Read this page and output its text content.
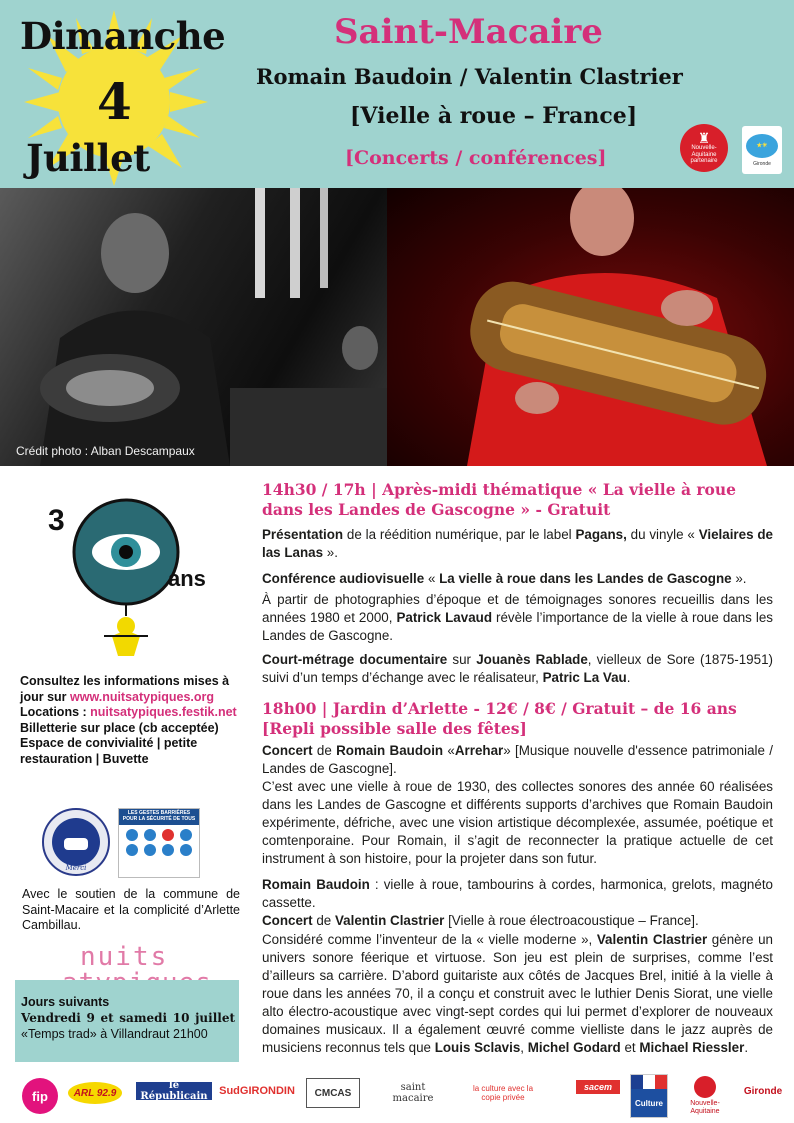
Dimanche
4
Juillet
Saint-Macaire
Romain Baudoin / Valentin Clastrier
[Vielle à roue – France]
[Concerts / conférences]
♜
Nouvelle-Aquitaine
partenaire
★☀
Gironde
Crédit photo : Alban Descampaux
3
ans
Consultez les informations mises à jour sur www.nuitsatypiques.org
Locations : nuitsatypiques.festik.net
Billetterie sur place (cb acceptée)
Espace de convivialité | petite restauration | Buvette
Merci
LES GESTES BARRIÈRES POUR LA SÉCURITÉ DE TOUS
Avec le soutien de la commune de Saint-Macaire et la complicité d’Arlette Cambillau.
nuits
Jours suivants
Vendredi 9 et samedi 10 juillet
«Temps trad» à Villandraut 21h00
14h30 / 17h | Après-midi thématique « La vielle à roue dans les Landes de Gascogne » - Gratuit
Présentation de la réédition numérique, par le label Pagans, du vinyle « Vielaires de las Lanas ».
Conférence audiovisuelle « La vielle à roue dans les Landes de Gascogne ».
À partir de photographies d’époque et de témoignages sonores recueillis dans les années 1980 et 2000, Patrick Lavaud révèle l’importance de la vielle à roue dans les Landes de Gascogne.
Court-métrage documentaire sur Jouanès Rablade, vielleux de Sore (1875-1951) suivi d’un temps d’échange avec le réalisateur, Patric La Vau.
18h00 | Jardin d’Arlette - 12€ / 8€ / Gratuit – de 16 ans [Repli possible salle des fêtes]
Concert de Romain Baudoin «Arrehar» [Musique nouvelle d'essence patrimoniale / Landes de Gascogne].
C’est avec une vielle à roue de 1930, des collectes sonores des année 60 réalisées dans les Landes de Gascogne et différents supports d’archives que Romain Baudoin expérimente, défriche, avec une vision artistique décomplexée, assumée, poétique et comtenporaine. Pour Romain, il s’agit de reconnecter la pratique actuelle de cet instrument à son histoire, pour la projeter dans son futur.
Romain Baudoin : vielle à roue, tambourins à cordes, harmonica, grelots, magnéto cassette.
Concert de Valentin Clastrier [Vielle à roue électroacoustique – France].
Considéré comme l’inventeur de la « vielle moderne », Valentin Clastrier génère un univers sonore féerique et virtuose. Son jeu est plein de surprises, comme l’est d’ailleurs sa carrière. D’abord guitariste aux côtés de Jacques Brel, initié à la vielle à roue dans les années 70, il a conçu et construit avec le luthier Denis Siorat, une vielle alto électro-acoustique avec vingt-sept cordes qui lui permet d’explorer de nouveaux domaines musicaux. Il a également œuvré comme vielliste dans le jazz auprès de musiciens reconnus tels que Louis Sclavis, Michel Godard et Michael Riessler.
fip	ARL 92.9
le Républicain	SudGIRONDIN	CMCAS	saint macaire
la culture avec la copie privée
sacem
Culture	Nouvelle-Aquitaine
Gironde
